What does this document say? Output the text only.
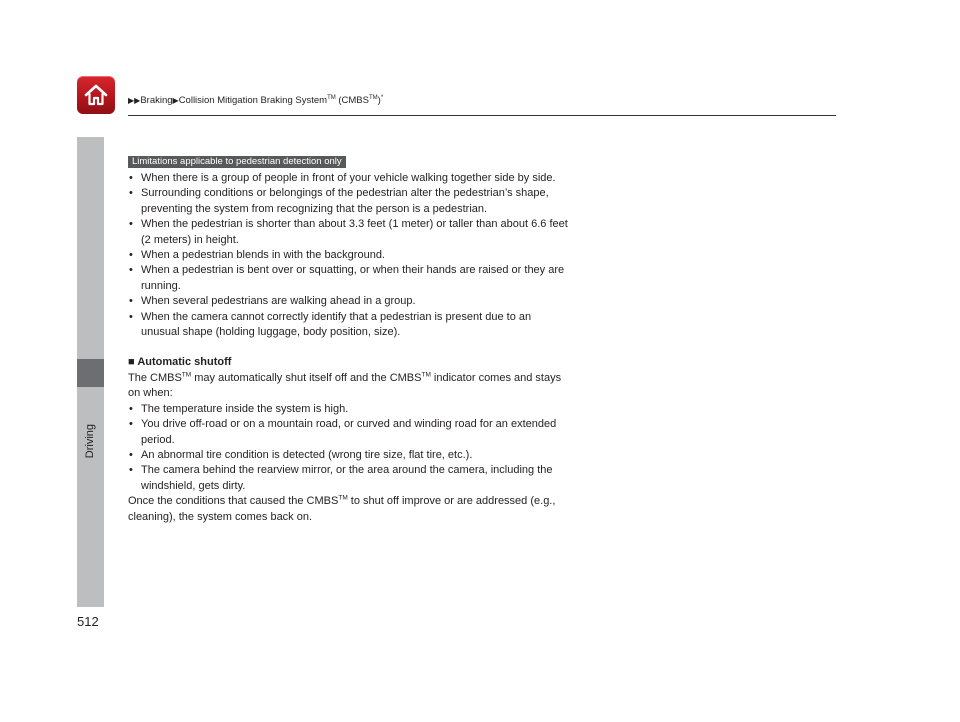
▶▶Braking▶Collision Mitigation Braking System™ (CMBS™)*
Driving
512
Limitations applicable to pedestrian detection only
• When there is a group of people in front of your vehicle walking together side by side.
• Surrounding conditions or belongings of the pedestrian alter the pedestrian’s shape, preventing the system from recognizing that the person is a pedestrian.
• When the pedestrian is shorter than about 3.3 feet (1 meter) or taller than about 6.6 feet (2 meters) in height.
• When a pedestrian blends in with the background.
• When a pedestrian is bent over or squatting, or when their hands are raised or they are running.
• When several pedestrians are walking ahead in a group.
• When the camera cannot correctly identify that a pedestrian is present due to an unusual shape (holding luggage, body position, size).
■ Automatic shutoff

The CMBS™ may automatically shut itself off and the CMBS™ indicator comes and stays on when:

• The temperature inside the system is high.
• You drive off-road or on a mountain road, or curved and winding road for an extended period.
• An abnormal tire condition is detected (wrong tire size, flat tire, etc.).
• The camera behind the rearview mirror, or the area around the camera, including the windshield, gets dirty.

Once the conditions that caused the CMBS™ to shut off improve or are addressed (e.g., cleaning), the system comes back on.
